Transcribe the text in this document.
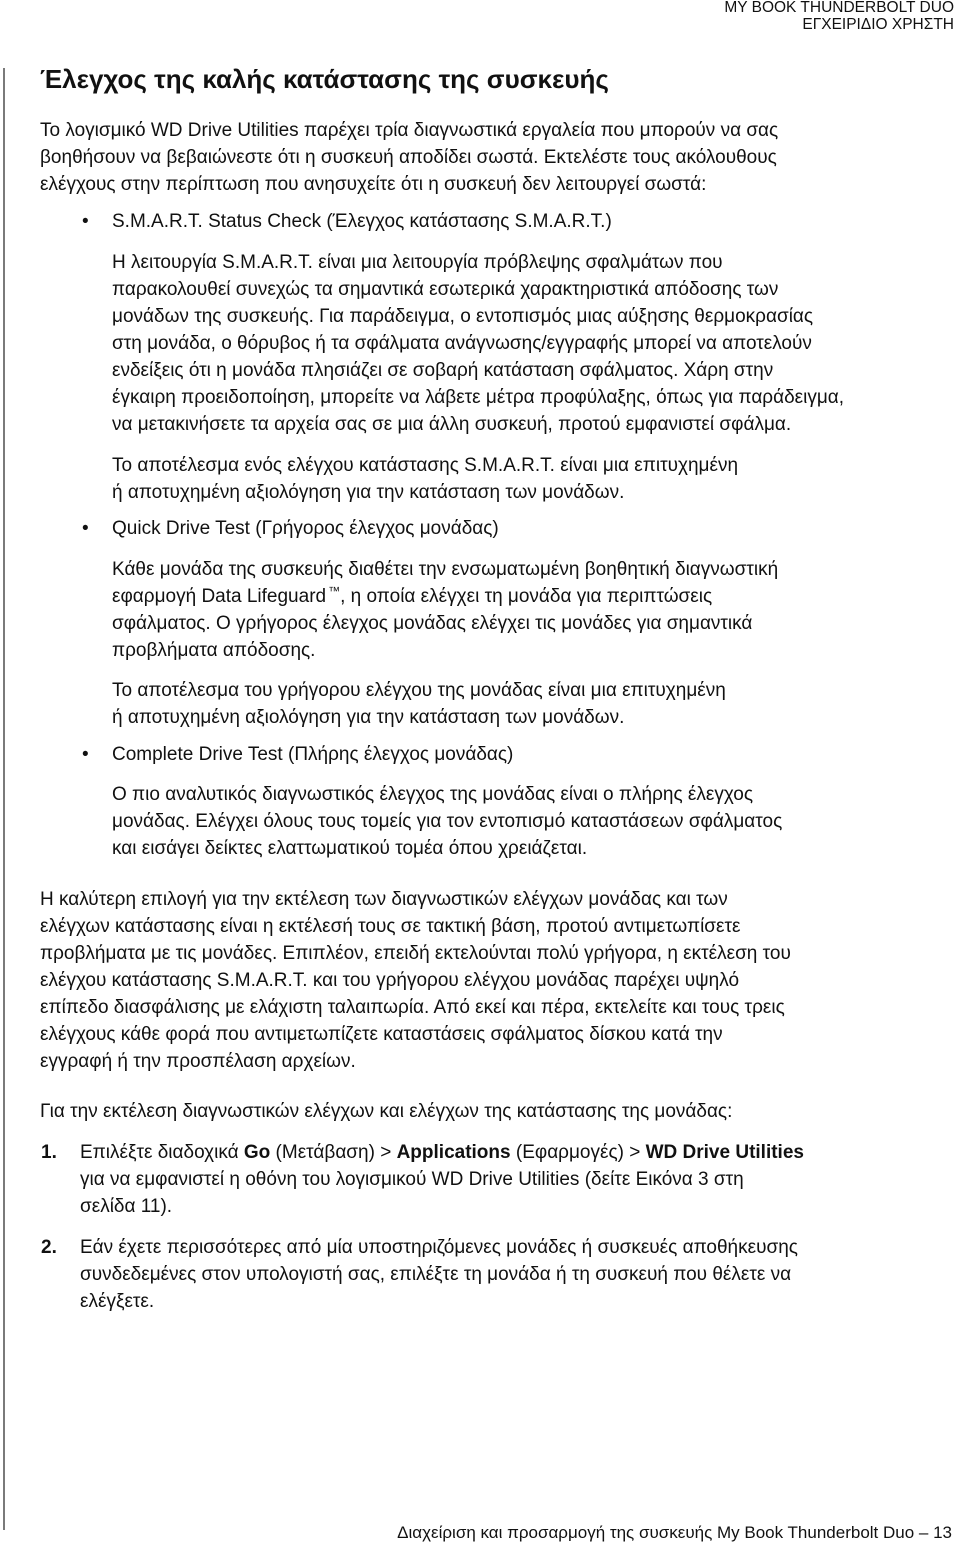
MY BOOK THUNDERBOLT DUO
ΕΓΧΕΙΡΙΔΙΟ ΧΡΗΣΤΗ
Έλεγχος της καλής κατάστασης της συσκευής
Το λογισμικό WD Drive Utilities παρέχει τρία διαγνωστικά εργαλεία που μπορούν να σας
βοηθήσουν να βεβαιώνεστε ότι η συσκευή αποδίδει σωστά. Εκτελέστε τους ακόλουθους
ελέγχους στην περίπτωση που ανησυχείτε ότι η συσκευή δεν λειτουργεί σωστά:
• S.M.A.R.T. Status Check (Έλεγχος κατάστασης S.M.A.R.T.)
Η λειτουργία S.M.A.R.T. είναι μια λειτουργία πρόβλεψης σφαλμάτων που
παρακολουθεί συνεχώς τα σημαντικά εσωτερικά χαρακτηριστικά απόδοσης των
μονάδων της συσκευής. Για παράδειγμα, ο εντοπισμός μιας αύξησης θερμοκρασίας
στη μονάδα, ο θόρυβος ή τα σφάλματα ανάγνωσης/εγγραφής μπορεί να αποτελούν
ενδείξεις ότι η μονάδα πλησιάζει σε σοβαρή κατάσταση σφάλματος. Χάρη στην
έγκαιρη προειδοποίηση, μπορείτε να λάβετε μέτρα προφύλαξης, όπως για παράδειγμα,
να μετακινήσετε τα αρχεία σας σε μια άλλη συσκευή, προτού εμφανιστεί σφάλμα.
Το αποτέλεσμα ενός ελέγχου κατάστασης S.M.A.R.T. είναι μια επιτυχημένη
ή αποτυχημένη αξιολόγηση για την κατάσταση των μονάδων.
• Quick Drive Test (Γρήγορος έλεγχος μονάδας)
Κάθε μονάδα της συσκευής διαθέτει την ενσωματωμένη βοηθητική διαγνωστική
εφαρμογή Data Lifeguard ™, η οποία ελέγχει τη μονάδα για περιπτώσεις
σφάλματος. Ο γρήγορος έλεγχος μονάδας ελέγχει τις μονάδες για σημαντικά
προβλήματα απόδοσης.
Το αποτέλεσμα του γρήγορου ελέγχου της μονάδας είναι μια επιτυχημένη
ή αποτυχημένη αξιολόγηση για την κατάσταση των μονάδων.
• Complete Drive Test (Πλήρης έλεγχος μονάδας)
Ο πιο αναλυτικός διαγνωστικός έλεγχος της μονάδας είναι ο πλήρης έλεγχος
μονάδας. Ελέγχει όλους τους τομείς για τον εντοπισμό καταστάσεων σφάλματος
και εισάγει δείκτες ελαττωματικού τομέα όπου χρειάζεται.
Η καλύτερη επιλογή για την εκτέλεση των διαγνωστικών ελέγχων μονάδας και των
ελέγχων κατάστασης είναι η εκτέλεσή τους σε τακτική βάση, προτού αντιμετωπίσετε
προβλήματα με τις μονάδες. Επιπλέον, επειδή εκτελούνται πολύ γρήγορα, η εκτέλεση του
ελέγχου κατάστασης S.M.A.R.T. και του γρήγορου ελέγχου μονάδας παρέχει υψηλό
επίπεδο διασφάλισης με ελάχιστη ταλαιπωρία. Από εκεί και πέρα, εκτελείτε και τους τρεις
ελέγχους κάθε φορά που αντιμετωπίζετε καταστάσεις σφάλματος δίσκου κατά την
εγγραφή ή την προσπέλαση αρχείων.
Για την εκτέλεση διαγνωστικών ελέγχων και ελέγχων της κατάστασης της μονάδας:
1. Επιλέξτε διαδοχικά Go (Μετάβαση) > Applications (Εφαρμογές) > WD Drive Utilities
για να εμφανιστεί η οθόνη του λογισμικού WD Drive Utilities (δείτε Εικόνα 3 στη
σελίδα 11).
2. Εάν έχετε περισσότερες από μία υποστηριζόμενες μονάδες ή συσκευές αποθήκευσης
συνδεδεμένες στον υπολογιστή σας, επιλέξτε τη μονάδα ή τη συσκευή που θέλετε να
ελέγξετε.
Διαχείριση και προσαρμογή της συσκευής My Book Thunderbolt Duo – 13
